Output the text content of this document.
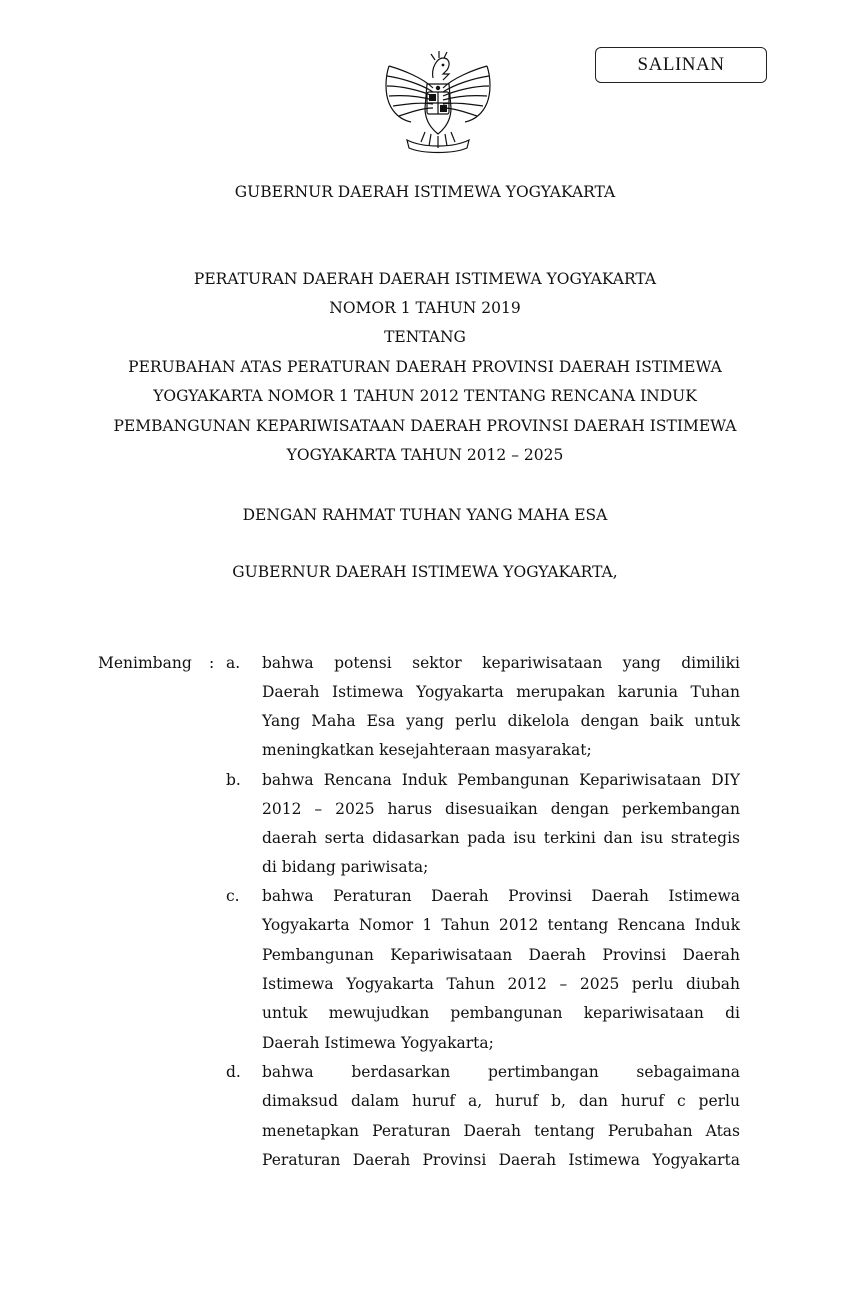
SALINAN
GUBERNUR DAERAH ISTIMEWA YOGYAKARTA
PERATURAN DAERAH DAERAH ISTIMEWA YOGYAKARTA
NOMOR 1 TAHUN 2019
TENTANG
PERUBAHAN ATAS PERATURAN DAERAH PROVINSI DAERAH ISTIMEWA
YOGYAKARTA NOMOR 1 TAHUN 2012 TENTANG RENCANA INDUK
PEMBANGUNAN KEPARIWISATAAN DAERAH PROVINSI DAERAH ISTIMEWA
YOGYAKARTA TAHUN 2012 – 2025
DENGAN RAHMAT TUHAN YANG MAHA ESA
GUBERNUR DAERAH ISTIMEWA YOGYAKARTA,
Menimbang : a. bahwa potensi sektor kepariwisataan yang dimiliki
Daerah Istimewa Yogyakarta merupakan karunia Tuhan
Yang Maha Esa yang perlu dikelola dengan baik untuk
meningkatkan kesejahteraan masyarakat;
b. bahwa Rencana Induk Pembangunan Kepariwisataan DIY
2012 – 2025 harus disesuaikan dengan perkembangan
daerah serta didasarkan pada isu terkini dan isu strategis
di bidang pariwisata;
c. bahwa Peraturan Daerah Provinsi Daerah Istimewa
Yogyakarta Nomor 1 Tahun 2012 tentang Rencana Induk
Pembangunan Kepariwisataan Daerah Provinsi Daerah
Istimewa Yogyakarta Tahun 2012 – 2025 perlu diubah
untuk mewujudkan pembangunan kepariwisataan di
Daerah Istimewa Yogyakarta;
d. bahwa berdasarkan pertimbangan sebagaimana
dimaksud dalam huruf a, huruf b, dan huruf c perlu
menetapkan Peraturan Daerah tentang Perubahan Atas
Peraturan Daerah Provinsi Daerah Istimewa Yogyakarta
